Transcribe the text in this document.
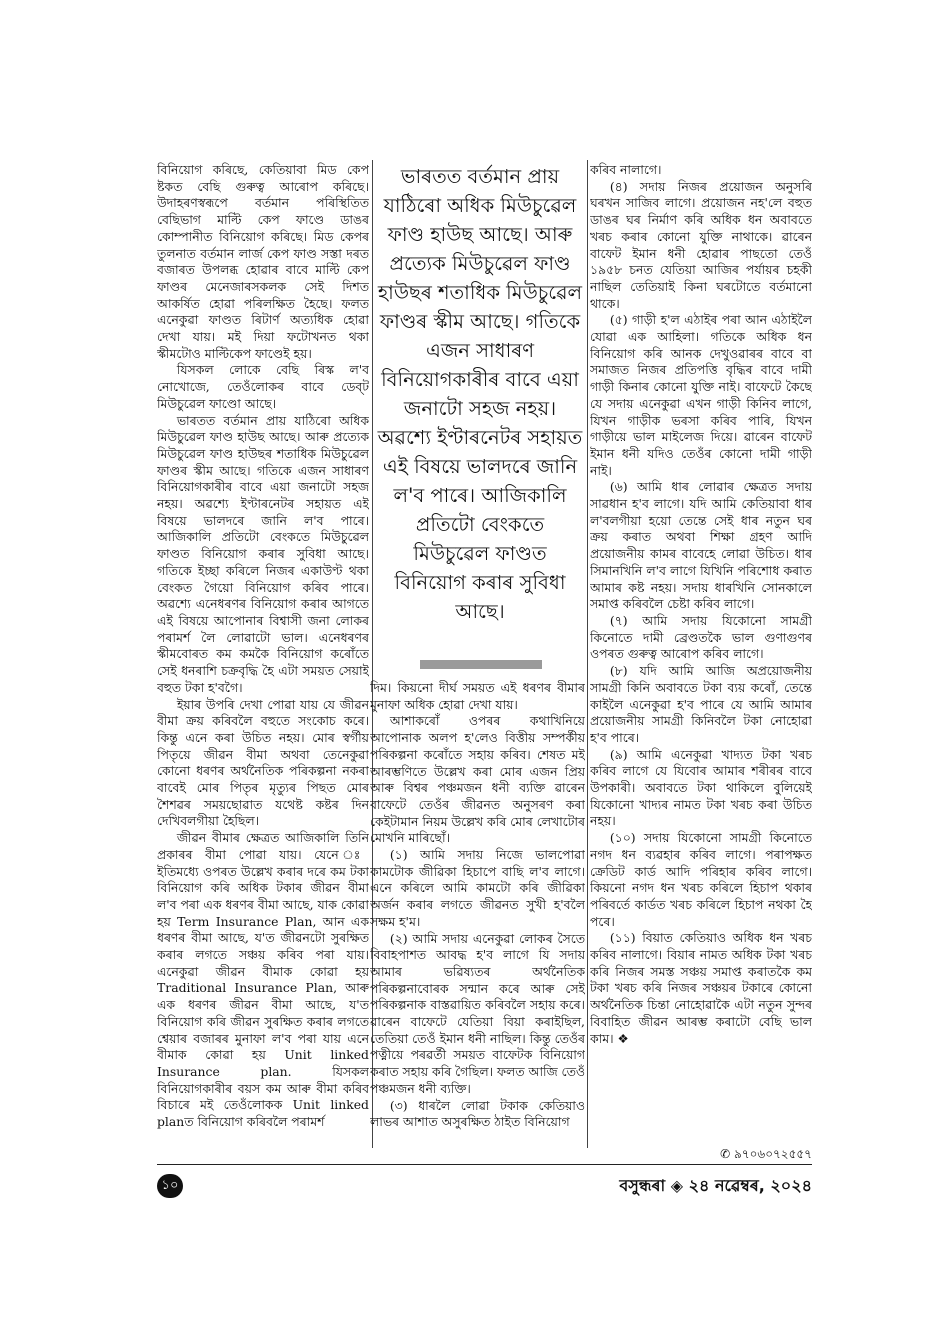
বিনিয়োগ কৰিছে, কেতিয়াবা মিড কেপ ষ্টকত বেছি গুৰুত্ব আৰোপ কৰিছে। উদাহৰণস্বৰূপে বৰ্তমান পৰিস্থিতিত বেছিভাগ মাল্টি কেপ ফাণ্ডে ডাঙৰ কোম্পানীত বিনিয়োগ কৰিছে। মিড কেপৰ তুলনাত বৰ্তমান লাৰ্জ কেপ ফাণ্ড সস্তা দৰত বজাৰত উপলব্ধ হোৱাৰ বাবে মাল্টি কেপ ফাণ্ডৰ মেনেজাৰসকলক সেই দিশত আকৰ্ষিত হোৱা পৰিলক্ষিত হৈছে। ফলত এনেকুৱা ফাণ্ডত ৰিটাৰ্ণ অত্যধিক হোৱা দেখা যায়। মই দিয়া ফটোখনত থকা স্কীমটোও মাল্টিকেপ ফাণ্ডেই হয়।

যিসকল লোকে বেছি ৰিস্ক ল'ব নোখোজে, তেওঁলোকৰ বাবে ডেব্ট মিউচুৱেল ফাণ্ডো আছে।

ভাৰতত বৰ্তমান প্ৰায় যাঠিৰো অধিক মিউচুৱেল ফাণ্ড হাউছ আছে। আৰু প্ৰত্যেক মিউচুৱেল ফাণ্ড হাউছৰ শতাধিক মিউচুৱেল ফাণ্ডৰ স্কীম আছে। গতিকে এজন সাধাৰণ বিনিয়োগকাৰীৰ বাবে এয়া জনাটো সহজ নহয়। অৱশ্যে ইণ্টাৰনেটৰ সহায়ত এই বিষয়ে ভালদৰে জানি ল'ব পাৰে। আজিকালি প্ৰতিটো বেংকতে মিউচুৱেল ফাণ্ডত বিনিয়োগ কৰাৰ সুবিধা আছে। গতিকে ইচ্ছা কৰিলে নিজৰ একাউণ্ট থকা বেংকত গৈয়ো বিনিয়োগ কৰিব পাৰে। অৱশ্যে এনেধৰণৰ বিনিয়োগ কৰাৰ আগতে এই বিষয়ে আপোনাৰ বিশ্বাসী জনা লোকৰ পৰামৰ্শ লৈ লোৱাটো ভাল। এনেধৰণৰ স্কীমবোৰত কম কমকৈ বিনিয়োগ কৰোঁতে সেই ধনৰাশি চক্ৰবৃদ্ধি হৈ এটা সময়ত সেয়াই বহুত টকা হ'বগৈ।

ইয়াৰ উপৰি দেখা পোৱা যায় যে জীৱন বীমা ক্ৰয় কৰিবলৈ বহুতে সংকোচ কৰে। কিন্তু এনে কৰা উচিত নহয়। মোৰ স্বৰ্গীয় পিতৃয়ে জীৱন বীমা অথবা তেনেকুৱা কোনো ধৰণৰ অৰ্থনৈতিক পৰিকল্পনা নকৰা বাবেই মোৰ পিতৃৰ মৃত্যুৰ পিছত মোৰ শৈশৱৰ সময়ছোৱাত যথেষ্ট কষ্টৰ দিন দেখিবলগীয়া হৈছিল।

জীৱন বীমাৰ ক্ষেত্ৰত আজিকালি তিনি প্ৰকাৰৰ বীমা পোৱা যায়। যেনে ঃ ইতিমধ্যে ওপৰত উল্লেখ কৰাৰ দৰে কম টকা বিনিয়োগ কৰি অধিক টকাৰ জীৱন বীমা ল'ব পৰা এক ধৰণৰ বীমা আছে, যাক কোৱা হয় Term Insurance Plan, আন এক ধৰণৰ বীমা আছে, য'ত জীৱনটো সুৰক্ষিত কৰাৰ লগতে সঞ্চয় কৰিব পৰা যায়। এনেকুৱা জীৱন বীমাক কোৱা হয় Traditional Insurance Plan, আৰু এক ধৰণৰ জীৱন বীমা আছে, য'ত বিনিয়োগ কৰি জীৱন সুৰক্ষিত কৰাৰ লগতে শ্বেয়াৰ বজাৰৰ মুনাফা ল'ব পৰা যায় এনে বীমাক কোৱা হয় Unit linked Insurance plan. যিসকল বিনিয়োগকাৰীৰ বয়স কম আৰু বীমা কৰিব বিচাৰে মই তেওঁলোকক Unit linked planত বিনিয়োগ কৰিবলৈ পৰামৰ্শ

ভাৰতত বৰ্তমান প্ৰায় যাঠিৰো অধিক মিউচুৱেল ফাণ্ড হাউছ আছে। আৰু প্ৰত্যেক মিউচুৱেল ফাণ্ড হাউছৰ শতাধিক মিউচুৱেল ফাণ্ডৰ স্কীম আছে। গতিকে এজন সাধাৰণ বিনিয়োগকাৰীৰ বাবে এয়া জনাটো সহজ নহয়। অৱশ্যে ইণ্টাৰনেটৰ সহায়ত এই বিষয়ে ভালদৰে জানি ল'ব পাৰে। আজিকালি প্ৰতিটো বেংকতে মিউচুৱেল ফাণ্ডত বিনিয়োগ কৰাৰ সুবিধা আছে।

দিম। কিয়নো দীৰ্ঘ সময়ত এই ধৰণৰ বীমাৰ মুনাফা অধিক হোৱা দেখা যায়।

আশাকৰোঁ ওপৰৰ কথাখিনিয়ে আপোনাক অলপ হ'লেও বিত্তীয় সম্পৰ্কীয় পৰিকল্পনা কৰোঁতে সহায় কৰিব। শেষত মই আৰম্ভণিতে উল্লেখ কৰা মোৰ এজন প্ৰিয় আৰু বিশ্বৰ পঞ্চমজন ধনী ব্যক্তি ৱাৰেন বাফেটে তেওঁৰ জীৱনত অনুসৰণ কৰা কেইটামান নিয়ম উল্লেখ কৰি মোৰ লেখাটোৰ মোখনি মাৰিছোঁ।

(১) আমি সদায় নিজে ভালপোৱা কামটোক জীৱিকা হিচাপে বাছি ল'ব লাগে। এনে কৰিলে আমি কামটো কৰি জীৱিকা অৰ্জন কৰাৰ লগতে জীৱনত সুখী হ'বলৈ সক্ষম হ'ম।

(২) আমি সদায় এনেকুৱা লোকৰ সৈতে বিবাহপাশত আবদ্ধ হ'ব লাগে যি সদায় আমাৰ ভৱিষ্যতৰ অৰ্থনৈতিক পৰিকল্পনাবোৰক সন্মান কৰে আৰু সেই পৰিকল্পনাক বাস্তৱায়িত কৰিবলৈ সহায় কৰে। ৱাৰেন বাফেটে যেতিয়া বিয়া কৰাইছিল, তেতিয়া তেওঁ ইমান ধনী নাছিল। কিন্তু তেওঁৰ পত্নীয়ে পৰৱৰ্তী সময়ত বাফেটক বিনিয়োগ কৰাত সহায় কৰি গৈছিল। ফলত আজি তেওঁ পঞ্চমজন ধনী ব্যক্তি।

(৩) ধাৰলৈ লোৱা টকাক কেতিয়াও লাভৰ আশাত অসুৰক্ষিত ঠাইত বিনিয়োগ

কৰিব নালাগে।

(৪) সদায় নিজৰ প্ৰয়োজন অনুসৰি ঘৰখন সাজিব লাগে। প্ৰয়োজন নহ'লে বহুত ডাঙৰ ঘৰ নিৰ্মাণ কৰি অধিক ধন অবাবতে খৰচ কৰাৰ কোনো যুক্তি নাথাকে। ৱাৰেন বাফেট ইমান ধনী হোৱাৰ পাছতো তেওঁ ১৯৫৮ চনত যেতিয়া আজিৰ পৰ্যায়ৰ চহকী নাছিল তেতিয়াই কিনা ঘৰটোতে বৰ্তমানো থাকে।

(৫) গাড়ী হ'ল এঠাইৰ পৰা আন এঠাইলৈ যোৱা এক আহিলা। গতিকে অধিক ধন বিনিয়োগ কৰি আনক দেখুওৱাৰৰ বাবে বা সমাজত নিজৰ প্ৰতিপত্তি বৃদ্ধিৰ বাবে দামী গাড়ী কিনাৰ কোনো যুক্তি নাই। বাফেটে কৈছে যে সদায় এনেকুৱা এখন গাড়ী কিনিব লাগে, যিখন গাড়ীক ভৰসা কৰিব পাৰি, যিখন গাড়ীয়ে ভাল মাইলেজ দিয়ে। ৱাৰেন বাফেট ইমান ধনী যদিও তেওঁৰ কোনো দামী গাড়ী নাই।

(৬) আমি ধাৰ লোৱাৰ ক্ষেত্ৰত সদায় সাৱধান হ'ব লাগে। যদি আমি কেতিয়াবা ধাৰ ল'বলগীয়া হয়ো তেন্তে সেই ধাৰ নতুন ঘৰ ক্ৰয় কৰাত অথবা শিক্ষা গ্ৰহণ আদি প্ৰয়োজনীয় কামৰ বাবেহে লোৱা উচিত। ধাৰ সিমানখিনি ল'ব লাগে যিখিনি পৰিশোধ কৰাত আমাৰ কষ্ট নহয়। সদায় ধাৰখিনি সোনকালে সমাপ্ত কৰিবলৈ চেষ্টা কৰিব লাগে।

(৭) আমি সদায় যিকোনো সামগ্ৰী কিনোতে দামী ব্ৰেণ্ডতকৈ ভাল গুণাগুণৰ ওপৰত গুৰুত্ব আৰোপ কৰিব লাগে।

(৮) যদি আমি আজি অপ্ৰয়োজনীয় সামগ্ৰী কিনি অবাবতে টকা ব্যয় কৰোঁ, তেন্তে কাইলৈ এনেকুৱা হ'ব পাৰে যে আমি আমাৰ প্ৰয়োজনীয় সামগ্ৰী কিনিবলৈ টকা নোহোৱা হ'ব পাৰে।

(৯) আমি এনেকুৱা খাদ্যত টকা খৰচ কৰিব লাগে যে যিবোৰ আমাৰ শৰীৰৰ বাবে উপকাৰী। অবাবতে টকা থাকিলে বুলিয়েই যিকোনো খাদ্যৰ নামত টকা খৰচ কৰা উচিত নহয়।

(১০) সদায় যিকোনো সামগ্ৰী কিনোতে নগদ ধন ব্যৱহাৰ কৰিব লাগে। পৰাপক্ষত ক্ৰেডিট কাৰ্ড আদি পৰিহাৰ কৰিব লাগে। কিয়নো নগদ ধন খৰচ কৰিলে হিচাপ থকাৰ পৰিবৰ্তে কাৰ্ডত খৰচ কৰিলে হিচাপ নথকা হৈ পৰে।

(১১) বিয়াত কেতিয়াও অধিক ধন খৰচ কৰিব নালাগে। বিয়াৰ নামত অধিক টকা খৰচ কৰি নিজৰ সমস্ত সঞ্চয় সমাপ্ত কৰাতকৈ কম টকা খৰচ কৰি নিজৰ সঞ্চয়ৰ টকাৰে কোনো অৰ্থনৈতিক চিন্তা নোহোৱাকৈ এটা নতুন সুন্দৰ বিবাহিত জীৱন আৰম্ভ কৰাটো বেছি ভাল কাম। ❖

✆ ৯৭০৬০৭২৫৫৭
১০	বসুন্ধৰা ◈ ২৪ নৱেম্বৰ, ২০২৪
